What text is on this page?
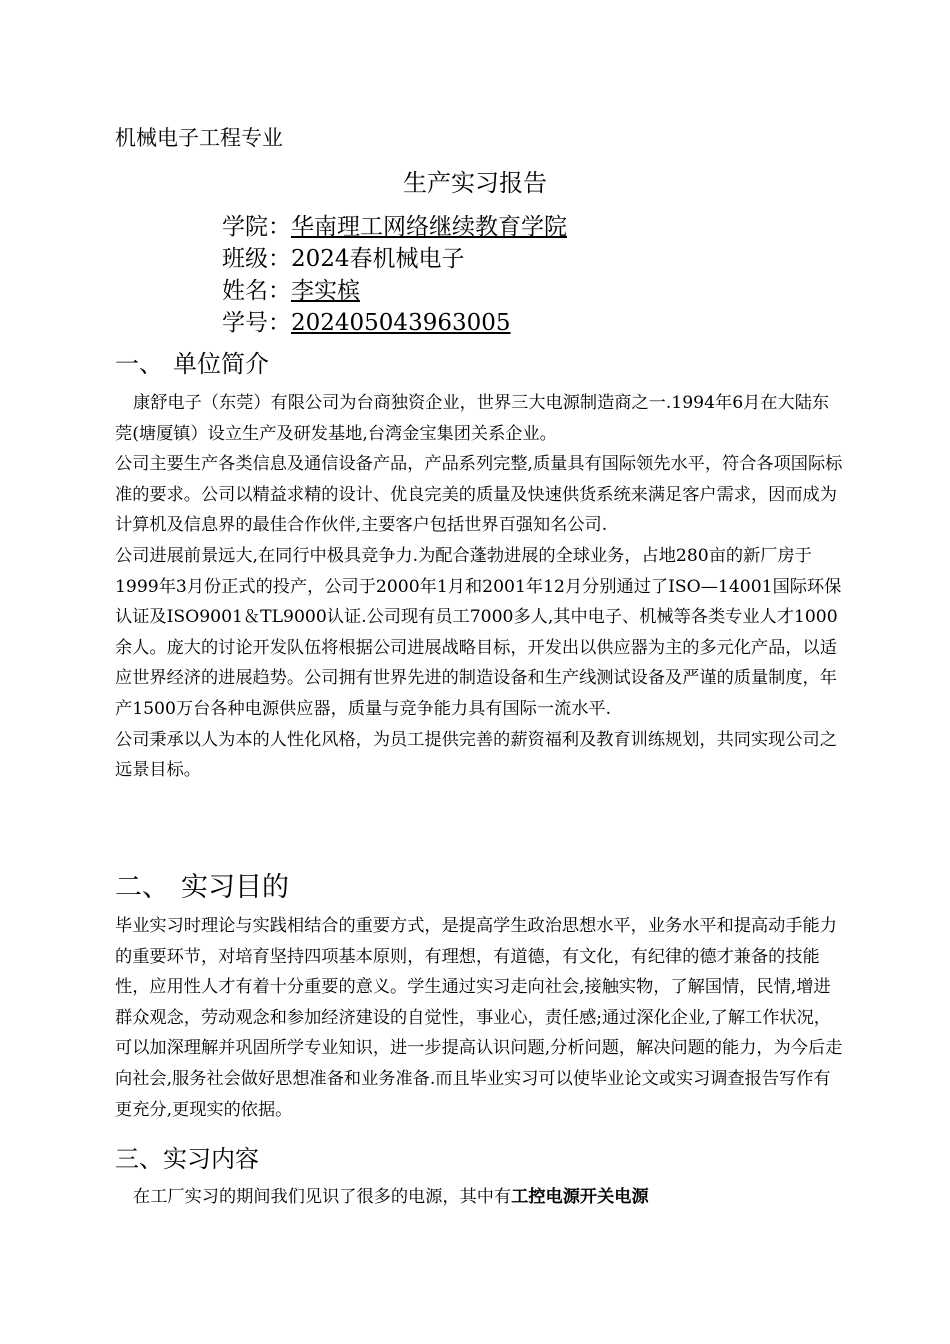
机械电子工程专业
生产实习报告
学院：华南理工网络继续教育学院
班级：2024春机械电子
姓名：李实槟
学号：202405043963005
一、 单位简介

康舒电子（东莞）有限公司为台商独资企业，世界三大电源制造商之一.1994年6月在大陆东莞(塘厦镇）设立生产及研发基地,台湾金宝集团关系企业。

公司主要生产各类信息及通信设备产品，产品系列完整,质量具有国际领先水平，符合各项国际标准的要求。公司以精益求精的设计、优良完美的质量及快速供货系统来满足客户需求，因而成为计算机及信息界的最佳合作伙伴,主要客户包括世界百强知名公司.

公司进展前景远大,在同行中极具竞争力.为配合蓬勃进展的全球业务，占地280亩的新厂房于1999年3月份正式的投产，公司于2000年1月和2001年12月分别通过了ISO—14001国际环保认证及ISO9001＆TL9000认证.公司现有员工7000多人,其中电子、机械等各类专业人才1000余人。庞大的讨论开发队伍将根据公司进展战略目标，开发出以供应器为主的多元化产品，以适应世界经济的进展趋势。公司拥有世界先进的制造设备和生产线测试设备及严谨的质量制度，年产1500万台各种电源供应器，质量与竞争能力具有国际一流水平.

公司秉承以人为本的人性化风格，为员工提供完善的薪资福利及教育训练规划，共同实现公司之远景目标。

二、 实习目的

毕业实习时理论与实践相结合的重要方式，是提高学生政治思想水平，业务水平和提高动手能力的重要环节，对培育坚持四项基本原则，有理想，有道德，有文化，有纪律的德才兼备的技能性，应用性人才有着十分重要的意义。学生通过实习走向社会,接触实物，了解国情，民情,增进群众观念，劳动观念和参加经济建设的自觉性，事业心，责任感;通过深化企业,了解工作状况，可以加深理解并巩固所学专业知识，进一步提高认识问题,分析问题，解决问题的能力，为今后走向社会,服务社会做好思想准备和业务准备.而且毕业实习可以使毕业论文或实习调查报告写作有更充分,更现实的依据。

三、实习内容

在工厂实习的期间我们见识了很多的电源，其中有工控电源开关电源
